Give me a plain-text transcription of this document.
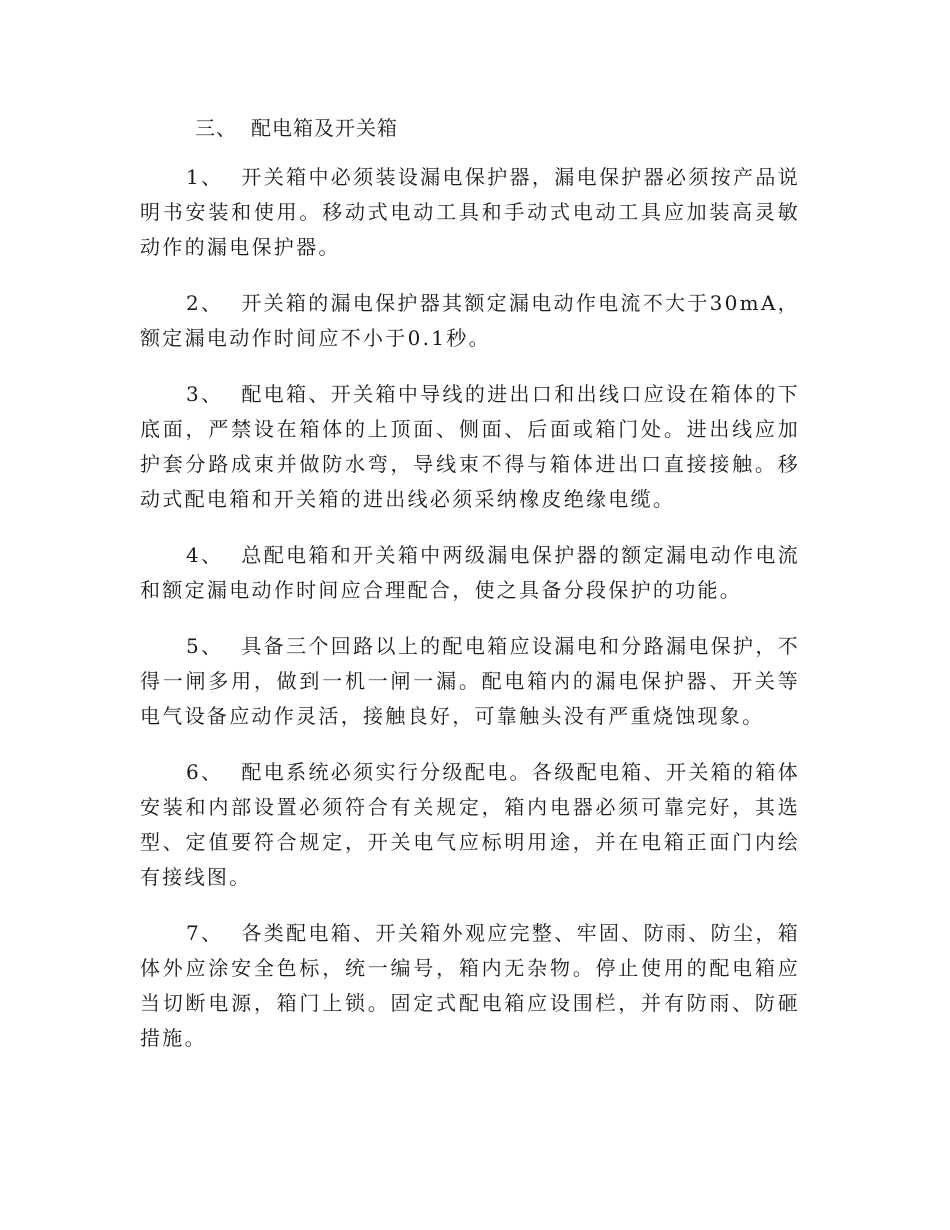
三、 配电箱及开关箱

1、 开关箱中必须装设漏电保护器，漏电保护器必须按产品说明书安装和使用。移动式电动工具和手动式电动工具应加装高灵敏动作的漏电保护器。

2、 开关箱的漏电保护器其额定漏电动作电流不大于30mA，额定漏电动作时间应不小于0.1秒。

3、 配电箱、开关箱中导线的进出口和出线口应设在箱体的下底面，严禁设在箱体的上顶面、侧面、后面或箱门处。进出线应加护套分路成束并做防水弯，导线束不得与箱体进出口直接接触。移动式配电箱和开关箱的进出线必须采纳橡皮绝缘电缆。

4、 总配电箱和开关箱中两级漏电保护器的额定漏电动作电流和额定漏电动作时间应合理配合，使之具备分段保护的功能。

5、 具备三个回路以上的配电箱应设漏电和分路漏电保护，不得一闸多用，做到一机一闸一漏。配电箱内的漏电保护器、开关等电气设备应动作灵活，接触良好，可靠触头没有严重烧蚀现象。

6、 配电系统必须实行分级配电。各级配电箱、开关箱的箱体安装和内部设置必须符合有关规定，箱内电器必须可靠完好，其选型、定值要符合规定，开关电气应标明用途，并在电箱正面门内绘有接线图。

7、 各类配电箱、开关箱外观应完整、牢固、防雨、防尘，箱体外应涂安全色标，统一编号，箱内无杂物。停止使用的配电箱应当切断电源，箱门上锁。固定式配电箱应设围栏，并有防雨、防砸措施。
